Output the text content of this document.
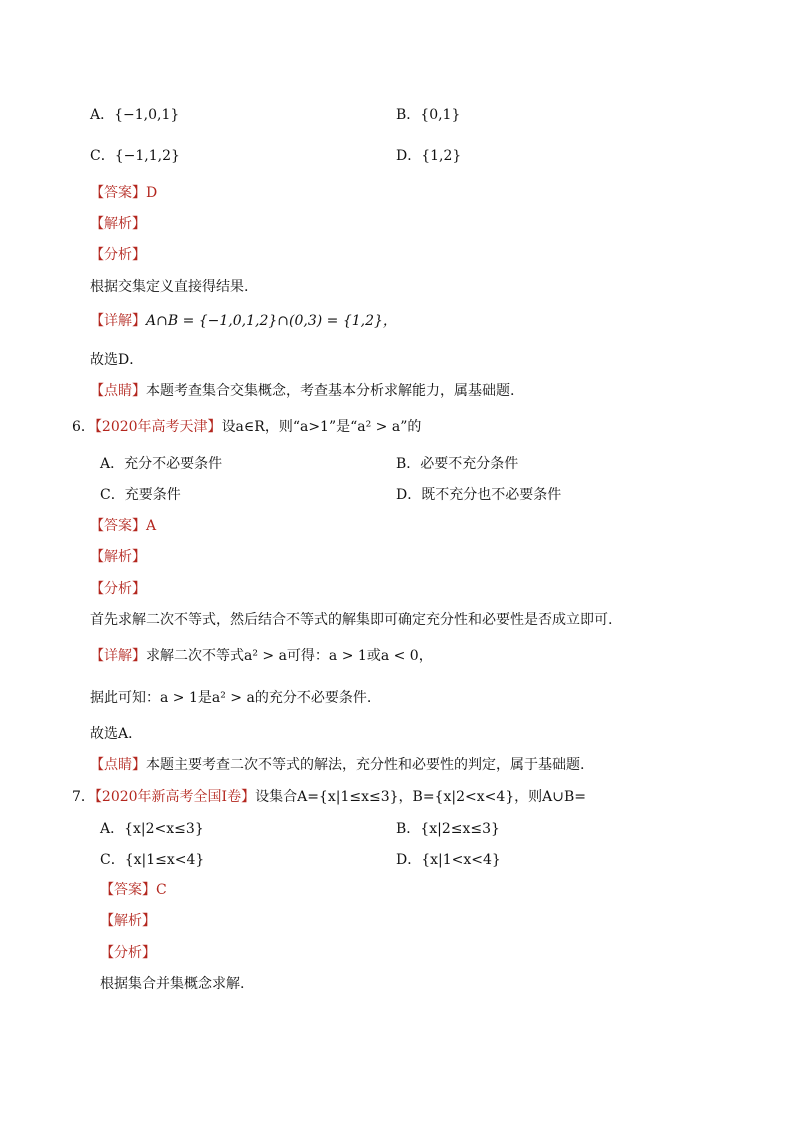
A．{−1,0,1}	B．{0,1}
C．{−1,1,2}	D．{1,2}
【答案】D
【解析】
【分析】
根据交集定义直接得结果.
【详解】A∩B = {−1,0,1,2}∩(0,3) = {1,2}，
故选D．
【点睛】本题考查集合交集概念，考查基本分析求解能力，属基础题.
6．【2020年高考天津】设a∈R，则“a>1”是“a² > a”的
A．充分不必要条件	B．必要不充分条件
C．充要条件	D．既不充分也不必要条件
【答案】A
【解析】
【分析】
首先求解二次不等式，然后结合不等式的解集即可确定充分性和必要性是否成立即可.
【详解】求解二次不等式a² > a可得：a > 1或a < 0，
据此可知：a > 1是a² > a的充分不必要条件.
故选A．
【点睛】本题主要考查二次不等式的解法，充分性和必要性的判定，属于基础题.
7．【2020年新高考全国Ⅰ卷】设集合A={x|1≤x≤3}，B={x|2<x<4}，则A∪B=
A．{x|2<x≤3}	B．{x|2≤x≤3}
C．{x|1≤x<4}	D．{x|1<x<4}
【答案】C
【解析】
【分析】
根据集合并集概念求解.
